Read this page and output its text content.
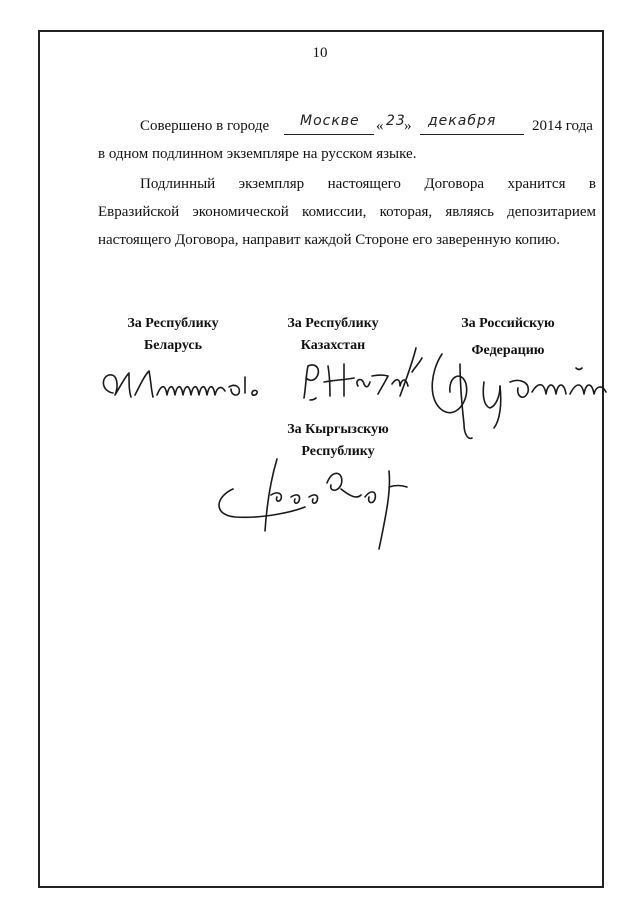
10
Совершено в городе Москве « 23
» декабря 2014 года
в одном подлинном экземпляре на русском языке.
Подлинный экземпляр настоящего Договора хранится в
Евразийской экономической комиссии, которая, являясь депозитарием
настоящего Договора, направит каждой Стороне его заверенную копию.
За Республику
Беларусь
За Республику
Казахстан
За Российскую
Федерацию
За Кыргызскую
Республику
